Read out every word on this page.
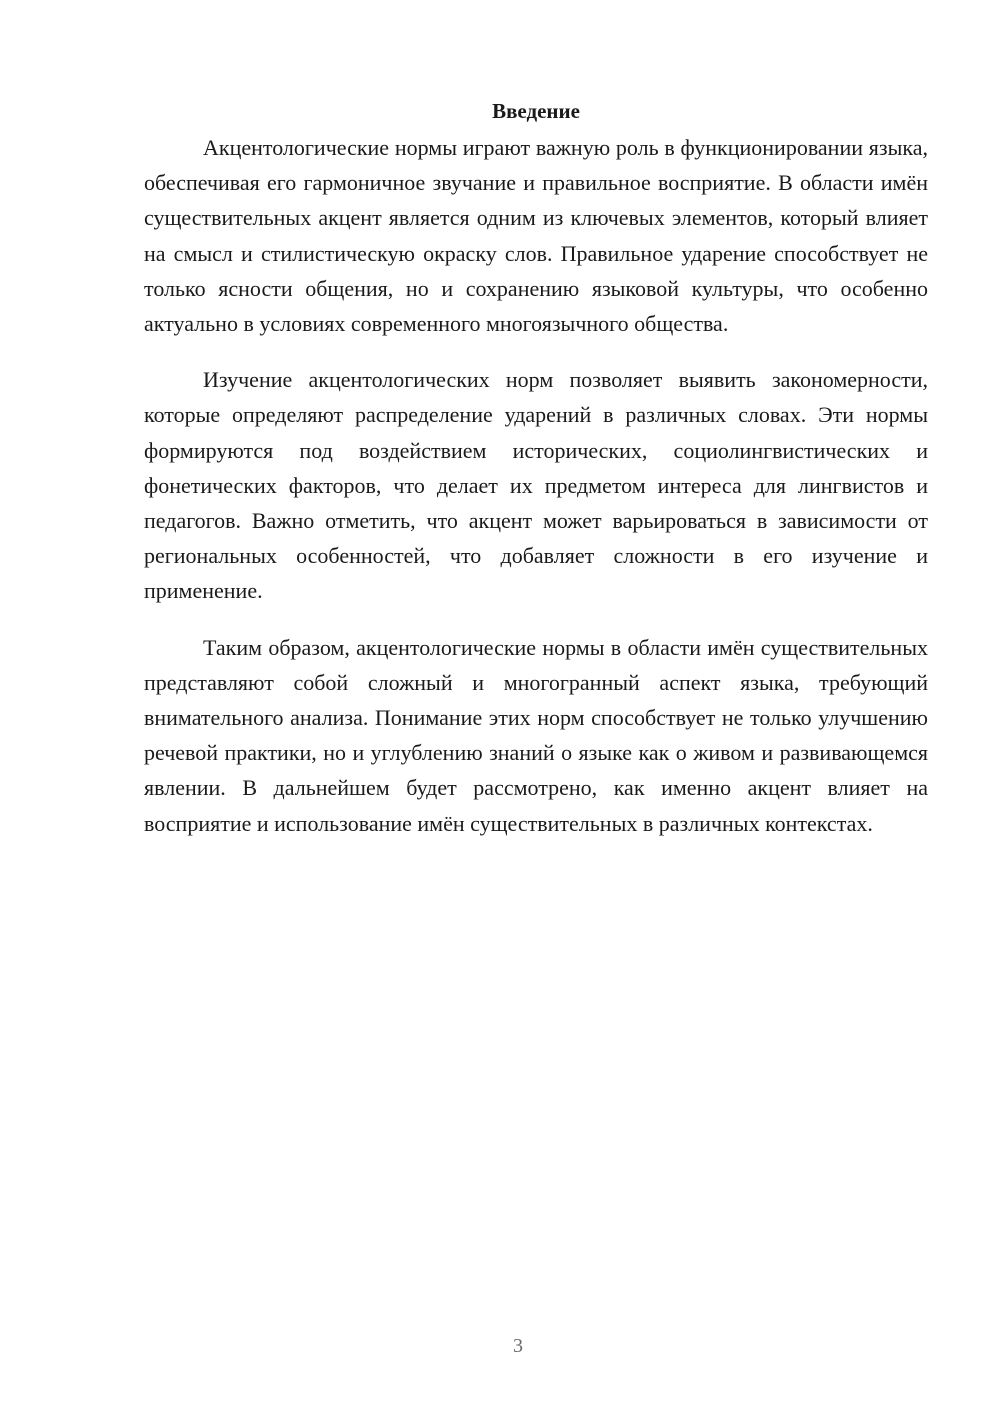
Введение

Акцентологические нормы играют важную роль в функционировании языка, обеспечивая его гармоничное звучание и правильное восприятие. В области имён существительных акцент является одним из ключевых элементов, который влияет на смысл и стилистическую окраску слов. Правильное ударение способствует не только ясности общения, но и сохранению языковой культуры, что особенно актуально в условиях современного многоязычного общества.

Изучение акцентологических норм позволяет выявить закономерности, которые определяют распределение ударений в различных словах. Эти нормы формируются под воздействием исторических, социолингвистических и фонетических факторов, что делает их предметом интереса для лингвистов и педагогов. Важно отметить, что акцент может варьироваться в зависимости от региональных особенностей, что добавляет сложности в его изучение и применение.

Таким образом, акцентологические нормы в области имён существительных представляют собой сложный и многогранный аспект языка, требующий внимательного анализа. Понимание этих норм способствует не только улучшению речевой практики, но и углублению знаний о языке как о живом и развивающемся явлении. В дальнейшем будет рассмотрено, как именно акцент влияет на восприятие и использование имён существительных в различных контекстах.

3
